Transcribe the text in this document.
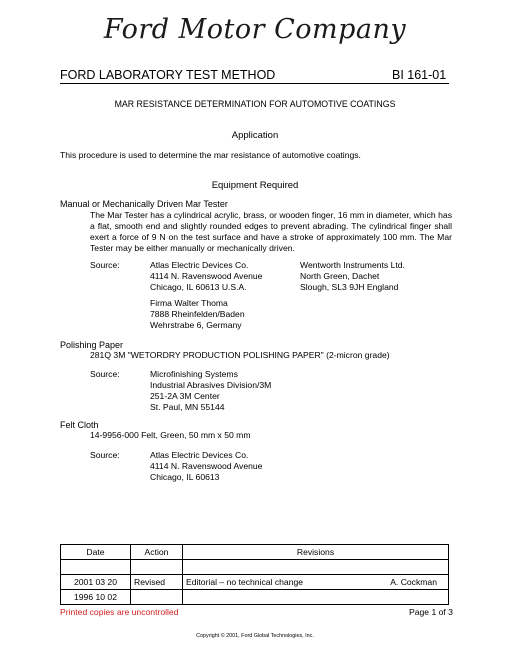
Ford Motor Company
FORD LABORATORY TEST METHOD	BI 161-01
MAR RESISTANCE DETERMINATION FOR AUTOMOTIVE COATINGS
Application
This procedure is used to determine the mar resistance of automotive coatings.
Equipment Required
Manual or Mechanically Driven Mar Tester
The Mar Tester has a cylindrical acrylic, brass, or wooden finger, 16 mm in diameter, which has a flat, smooth end and slightly rounded edges to prevent abrading. The cylindrical finger shall exert a force of 9 N on the test surface and have a stroke of approximately 100 mm. The Mar Tester may be either manually or mechanically driven.
Source:	Atlas Electric Devices Co.
4114 N. Ravenswood Avenue
Chicago, IL 60613 U.S.A.
Wentworth Instruments Ltd.
North Green, Dachet
Slough, SL3 9JH England
Firma Walter Thoma
7888 Rheinfelden/Baden
Wehrstrabe 6, Germany
Polishing Paper
281Q 3M "WETORDRY PRODUCTION POLISHING PAPER" (2-micron grade)
Source:	Microfinishing Systems
Industrial Abrasives Division/3M
251-2A 3M Center
St. Paul, MN 55144
Felt Cloth
14-9956-000 Felt, Green, 50 mm x 50 mm
Source:	Atlas Electric Devices Co.
4114 N. Ravenswood Avenue
Chicago, IL 60613
Date	Action	Revisions

2001 03 20	Revised	Editorial – no technical change A. Cockman

1996 10 02		
Printed copies are uncontrolled	Page 1 of 3
Copyright © 2001, Ford Global Technologies, Inc.
